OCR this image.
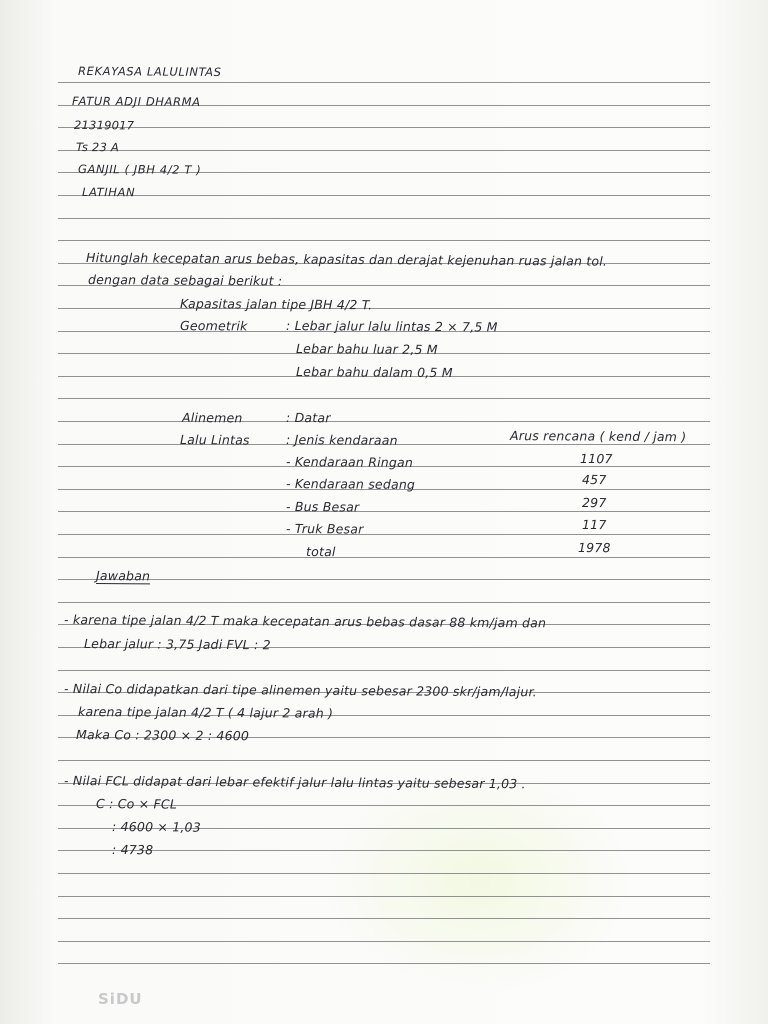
REKAYASA LALULINTAS
FATUR ADJI DHARMA
21319017
Ts 23 A
GANJIL ( JBH 4/2 T )
LATIHAN
Hitunglah kecepatan arus bebas, kapasitas dan derajat kejenuhan ruas jalan tol.
dengan data sebagai berikut :
Kapasitas jalan tipe JBH 4/2 T.
Geometrik	: Lebar jalur lalu lintas 2 × 7,5 M
Lebar bahu luar 2,5 M
Lebar bahu dalam 0,5 M
Alinemen	: Datar
Lalu Lintas	: Jenis kendaraan	Arus rencana ( kend / jam )
- Kendaraan Ringan	1107
- Kendaraan sedang	457
- Bus Besar	297
- Truk Besar	117
total	1978
Jawaban
- karena tipe jalan 4/2 T maka kecepatan arus bebas dasar 88 km/jam dan
Lebar jalur : 3,75 Jadi FVL : 2
- Nilai Co didapatkan dari tipe alinemen yaitu sebesar 2300 skr/jam/lajur.
karena tipe jalan 4/2 T ( 4 lajur 2 arah )
Maka Co : 2300 × 2 : 4600
- Nilai FCL didapat dari lebar efektif jalur lalu lintas yaitu sebesar 1,03 .
C : Co × FCL
: 4600 × 1,03
: 4738
SiDU
